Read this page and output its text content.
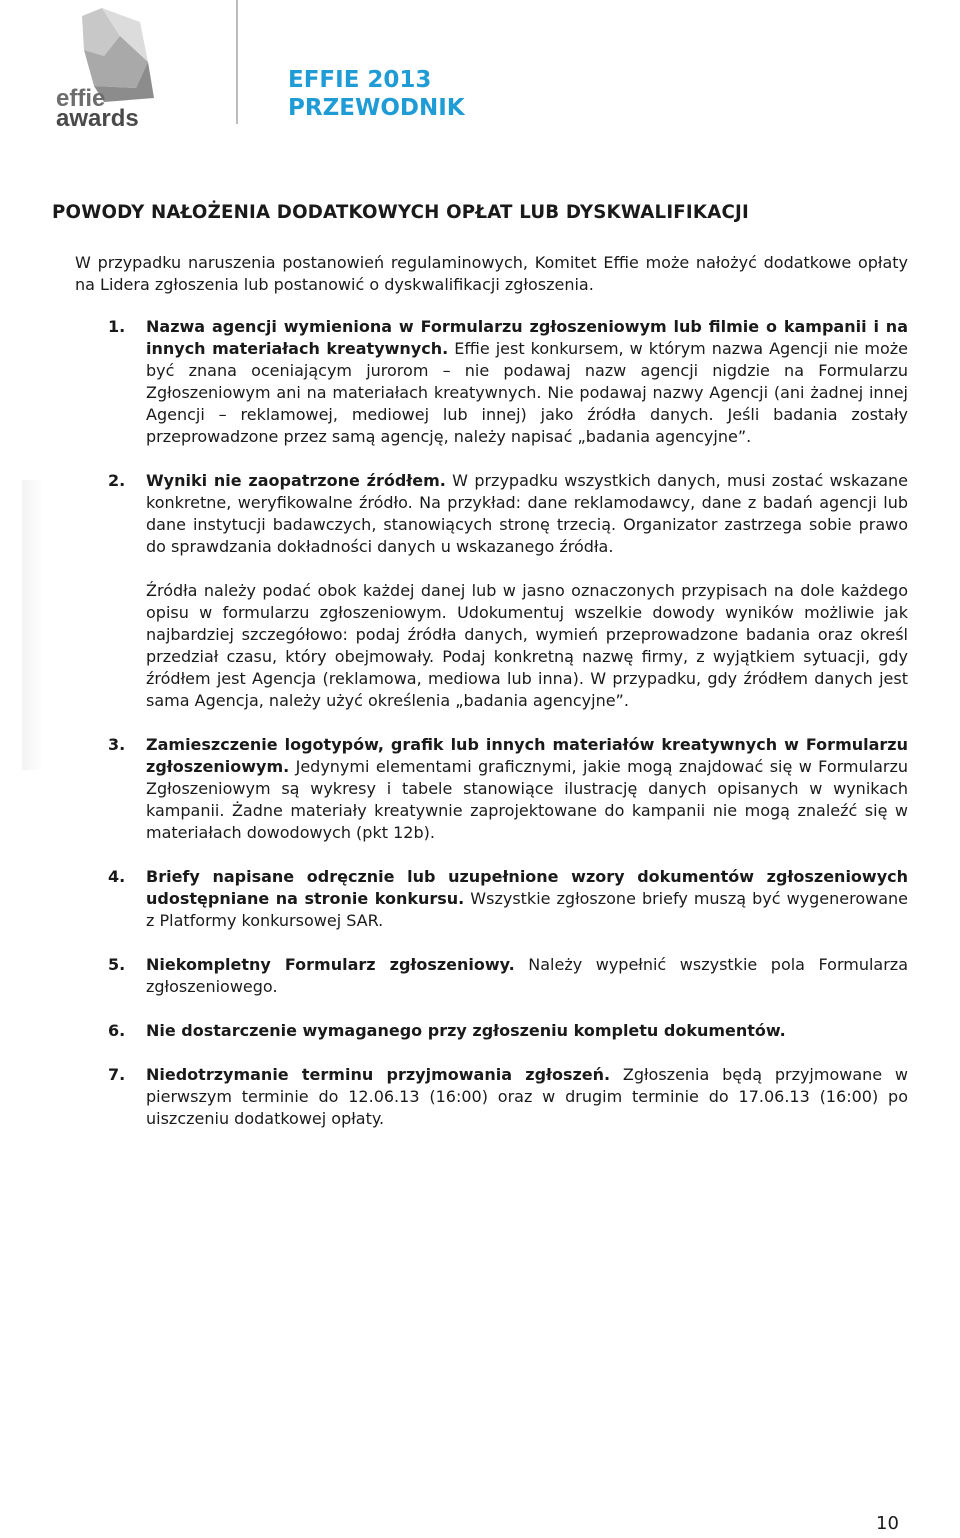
effie
awards
EFFIE 2013
PRZEWODNIK
POWODY NAŁOŻENIA DODATKOWYCH OPŁAT LUB DYSKWALIFIKACJI
W przypadku naruszenia postanowień regulaminowych, Komitet Effie może nałożyć dodatkowe opłaty na Lidera zgłoszenia lub postanowić o dyskwalifikacji zgłoszenia.
1.	Nazwa agencji wymieniona w Formularzu zgłoszeniowym lub filmie o kampanii i na innych materiałach kreatywnych. Effie jest konkursem, w którym nazwa Agencji nie może być znana oceniającym jurorom – nie podawaj nazw agencji nigdzie na Formularzu Zgłoszeniowym ani na materiałach kreatywnych. Nie podawaj nazwy Agencji (ani żadnej innej Agencji – reklamowej, mediowej lub innej) jako źródła danych. Jeśli badania zostały przeprowadzone przez samą agencję, należy napisać „badania agencyjne”.

2.	Wyniki nie zaopatrzone źródłem. W przypadku wszystkich danych, musi zostać wskazane konkretne, weryfikowalne źródło. Na przykład: dane reklamodawcy, dane z badań agencji lub dane instytucji badawczych, stanowiących stronę trzecią. Organizator zastrzega sobie prawo do sprawdzania dokładności danych u wskazanego źródła.

Źródła należy podać obok każdej danej lub w jasno oznaczonych przypisach na dole każdego opisu w formularzu zgłoszeniowym. Udokumentuj wszelkie dowody wyników możliwie jak najbardziej szczegółowo: podaj źródła danych, wymień przeprowadzone badania oraz określ przedział czasu, który obejmowały. Podaj konkretną nazwę firmy, z wyjątkiem sytuacji, gdy źródłem jest Agencja (reklamowa, mediowa lub inna). W przypadku, gdy źródłem danych jest sama Agencja, należy użyć określenia „badania agencyjne”.

3.	Zamieszczenie logotypów, grafik lub innych materiałów kreatywnych w Formularzu zgłoszeniowym. Jedynymi elementami graficznymi, jakie mogą znajdować się w Formularzu Zgłoszeniowym są wykresy i tabele stanowiące ilustrację danych opisanych w wynikach kampanii. Żadne materiały kreatywnie zaprojektowane do kampanii nie mogą znaleźć się w materiałach dowodowych (pkt 12b).

4.	Briefy napisane odręcznie lub uzupełnione wzory dokumentów zgłoszeniowych udostępniane na stronie konkursu. Wszystkie zgłoszone briefy muszą być wygenerowane z Platformy konkursowej SAR.

5.	Niekompletny Formularz zgłoszeniowy. Należy wypełnić wszystkie pola Formularza zgłoszeniowego.

6.	Nie dostarczenie wymaganego przy zgłoszeniu kompletu dokumentów.

7.	Niedotrzymanie terminu przyjmowania zgłoszeń. Zgłoszenia będą przyjmowane w pierwszym terminie do 12.06.13 (16:00) oraz w drugim terminie do 17.06.13 (16:00) po uiszczeniu dodatkowej opłaty.

10
